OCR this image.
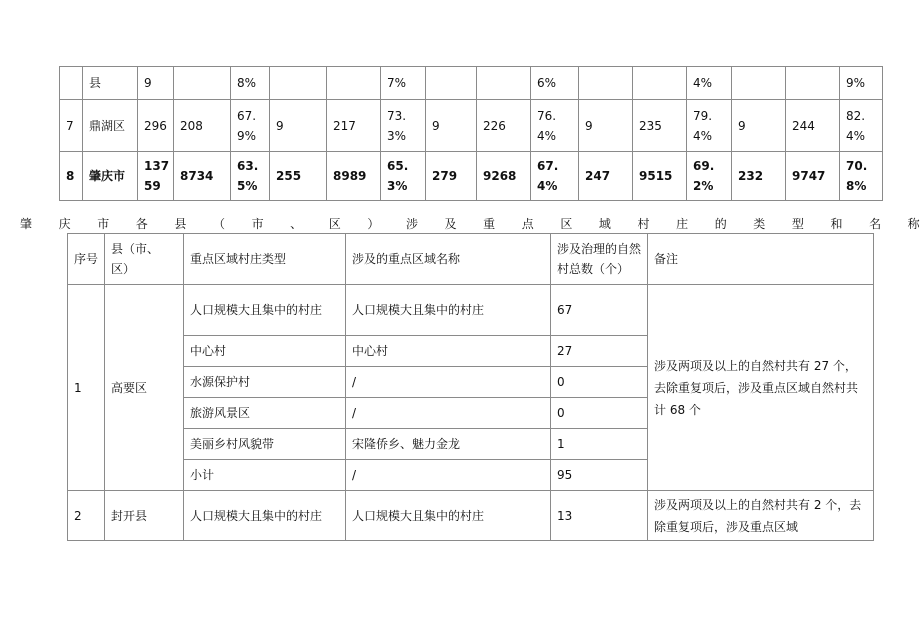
	县	9		8%			7%			6%			4%			9%
7	鼎湖区	296	208	67.
9%	9	217	73.
3%	9	226	76.
4%	9	235	79.
4%	9	244	82.
4%
8	肇庆市	137
59	8734	63.
5%	255	8989	65.
3%	279	9268	67.
4%	247	9515	69.
2%	232	9747	70.
8%
肇 庆 市 各 县 （ 市 、 区 ） 涉 及 重 点 区 域 村 庄 的 类 型 和 名 称
序号	县（市、区）	重点区域村庄类型	涉及的重点区域名称	涉及治理的自然村总数（个）	备注
1	高要区	人口规模大且集中的村庄	人口规模大且集中的村庄	67	涉及两项及以上的自然村共有 27 个，去除重复项后，涉及重点区域自然村共计 68 个
		中心村	中心村	27	
		水源保护村	/	0	
		旅游风景区	/	0	
		美丽乡村风貌带	宋隆侨乡、魅力金龙	1	
		小计	/	95	
2	封开县	人口规模大且集中的村庄	人口规模大且集中的村庄	13	涉及两项及以上的自然村共有 2 个，去除重复项后，涉及重点区域
